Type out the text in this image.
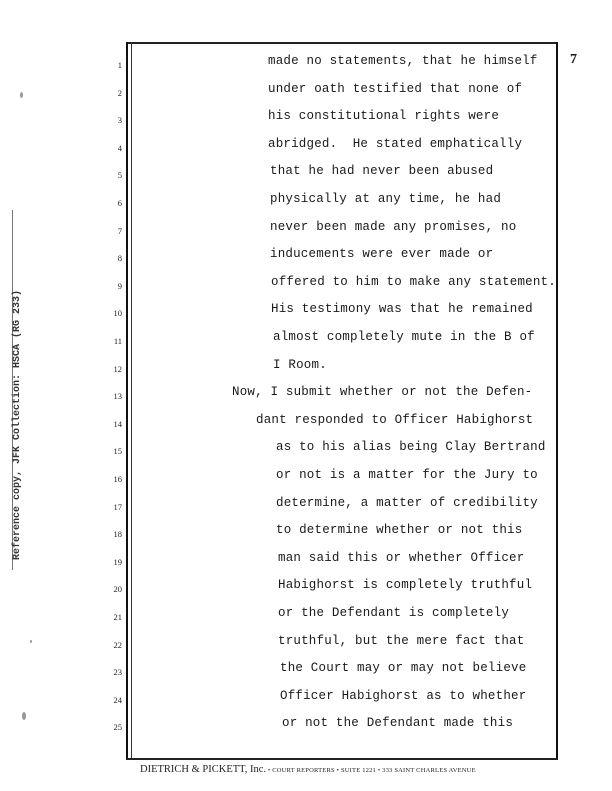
Reference copy, JFK Collection: HSCA (RG 233)
7
1
2
3
4
5
6
7
8
9
10
11
12
13
14
15
16
17
18
19
20
21
22
23
24
25
made no statements, that he himself
under oath testified that none of
his constitutional rights were
abridged.  He stated emphatically
that he had never been abused
physically at any time, he had
never been made any promises, no
inducements were ever made or
offered to him to make any statement.
His testimony was that he remained
almost completely mute in the B of
I Room.
Now, I submit whether or not the Defen-
dant responded to Officer Habighorst
as to his alias being Clay Bertrand
or not is a matter for the Jury to
determine, a matter of credibility
to determine whether or not this
man said this or whether Officer
Habighorst is completely truthful
or the Defendant is completely
truthful, but the mere fact that
the Court may or may not believe
Officer Habighorst as to whether
or not the Defendant made this
DIETRICH & PICKETT, Inc. • COURT REPORTERS • SUITE 1221 • 333 SAINT CHARLES AVENUE
